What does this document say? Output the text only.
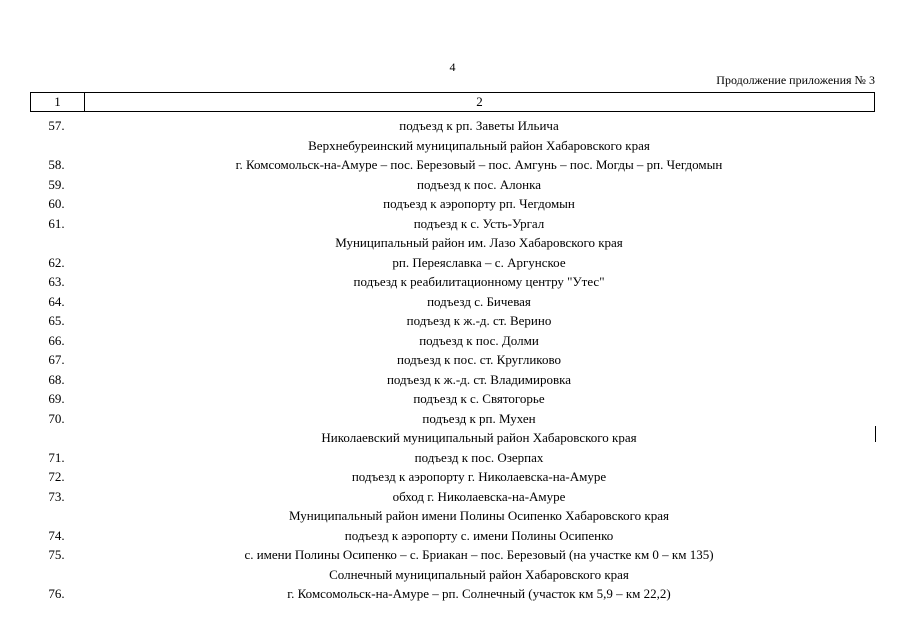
4
Продолжение приложения № 3
1	2
57.	подъезд к рп. Заветы Ильича
Верхнебуреинский муниципальный район Хабаровского края
58.	г. Комсомольск-на-Амуре – пос. Березовый – пос. Амгунь – пос. Могды – рп. Чегдомын
59.	подъезд к пос. Алонка
60.	подъезд к аэропорту рп. Чегдомын
61.	подъезд к с. Усть-Ургал
Муниципальный район им. Лазо Хабаровского края
62.	рп. Переяславка – с. Аргунское
63.	подъезд к реабилитационному центру "Утес"
64.	подъезд с. Бичевая
65.	подъезд к ж.-д. ст. Верино
66.	подъезд к пос. Долми
67.	подъезд к пос. ст. Кругликово
68.	подъезд к ж.-д. ст. Владимировка
69.	подъезд к с. Святогорье
70.	подъезд к рп. Мухен
Николаевский муниципальный район Хабаровского края
71.	подъезд к пос. Озерпах
72.	подъезд к аэропорту г. Николаевска-на-Амуре
73.	обход г. Николаевска-на-Амуре
Муниципальный район имени Полины Осипенко Хабаровского края
74.	подъезд к аэропорту с. имени Полины Осипенко
75.	с. имени Полины Осипенко – с. Бриакан – пос. Березовый (на участке км 0 – км 135)
Солнечный муниципальный район Хабаровского края
76.	г. Комсомольск-на-Амуре – рп. Солнечный (участок км 5,9 – км 22,2)
